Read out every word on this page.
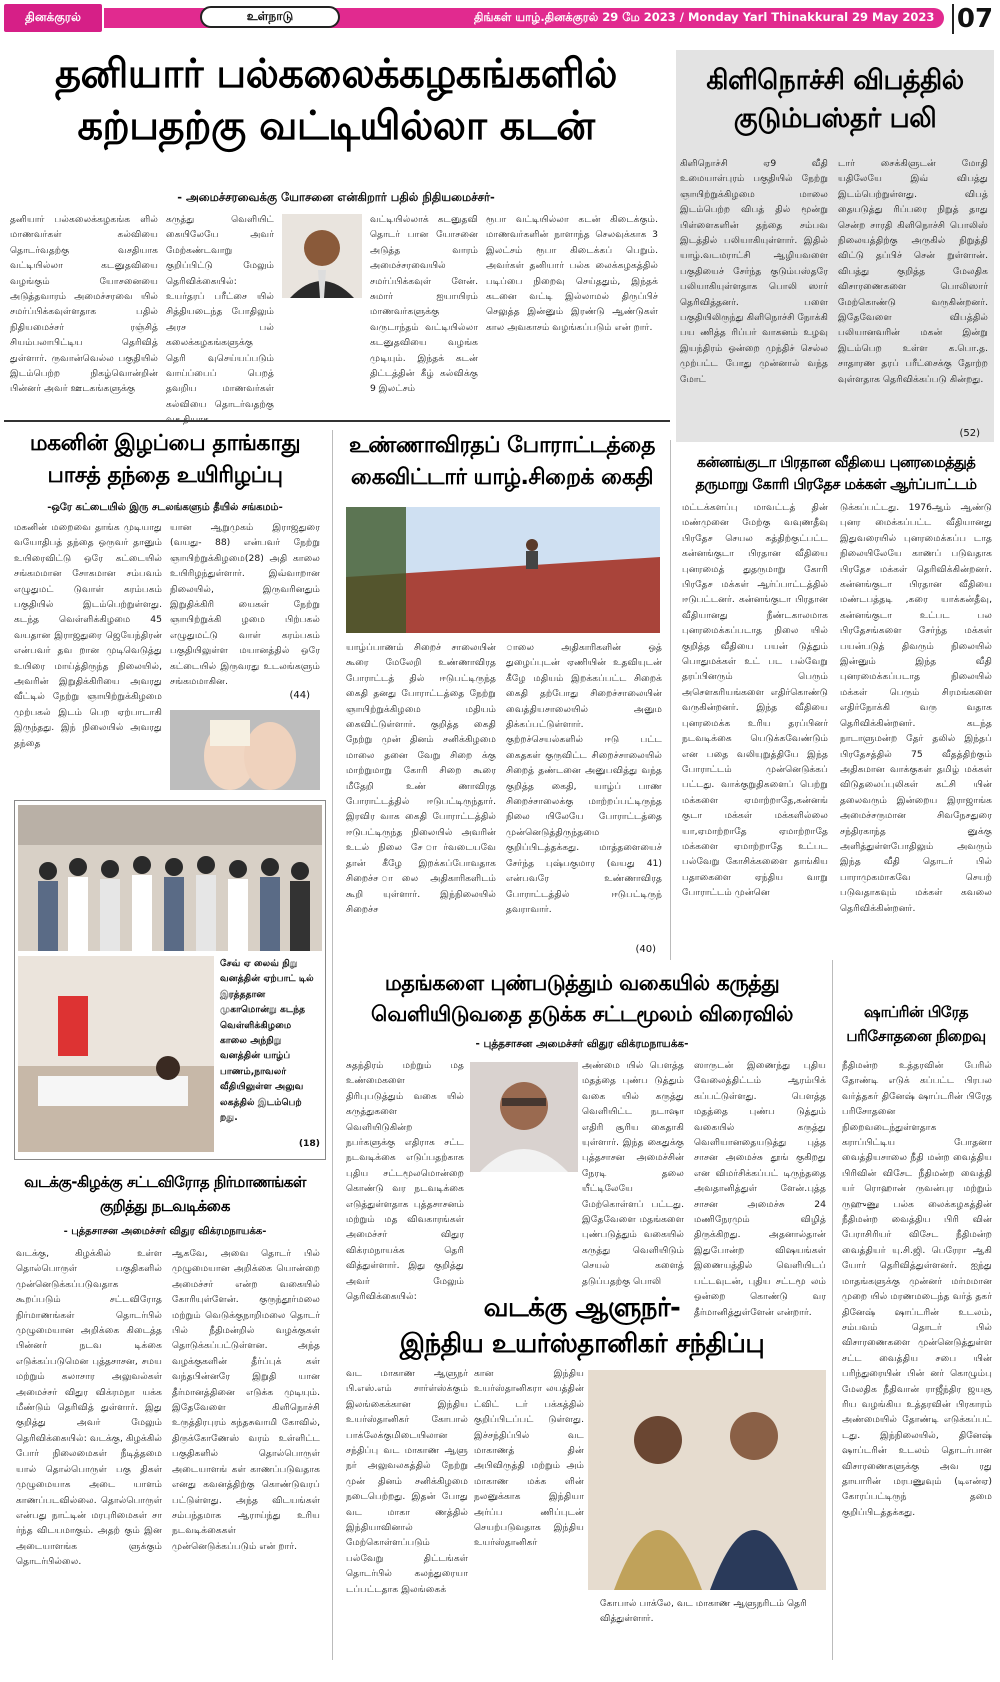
தினக்குரல்	உள்நாடு	திங்கள் யாழ்.தினக்குரல் 29 மே 2023 / Monday Yarl Thinakkural 29 May 2023 07
தனியார் பல்கலைக்கழகங்களில்
கற்பதற்கு வட்டியில்லா கடன்
- அமைச்சரவைக்கு யோசனை என்கிறார் பதில் நிதியமைச்சர்-
தனியார் பல்கலைக்கழகங்க ளில் மாணவர்கள் கல்வியை தொடர்வதற்கு வசதியாக வட்டியில்லா கடனுதவியை வழங்கும் யோசனையை அடுத்தவாரம் அமைச்சரவை யில் சமர்ப்பிக்கவுள்ளதாக பதில் நிதியமைச்சர் ரஞ்சித் சியம்பலாபிட்டிய தெரிவித் துள்ளார். ருவான்வெல்ல பகுதியில் இடம்பெற்ற நிகழ்வொன்றின் பின்னர் அவர் ஊடகங்களுக்கு
கருத்து வெளியிட் கையிலேயே அவர் மேற்கண்டவாறு குறிப்பிட்டு மேலும் தெரிவிக்கையில்: உயர்தரப் பரீட்சை யில் சித்தியடைந்த போதிலும் அரச பல் கலைக்கழகங்களுக்கு தெரி வுசெய்யப்படும் வாய்ப்பைப் பெறத் தவறிய மாணவர்கள் கல்வியை தொடர்வதற்கு
வட்டியில்லாக் கடனுதவி தொடர் பான யோசனை அடுத்த வாரம் அமைச்சரவையில் சமர்ப்பிக்கவுள் ளேன். சுமார் ஐயாயிரம் மாணவர்களுக்கு வருடாந்தம் வட்டியில்லா கடனுதவியை வழங்க முடியும். இந்தக் கடன் திட்டத்தின் கீழ் கல்விக்கு 9 இலட்சம்
ரூபா வட்டியில்லா கடன் கிடைக்கும். மாணவர்களின் நாளாந்த செலவுக்காக 3 இலட்சம் ரூபா கிடைக்கப் பெறும். அவர்கள் தனியார் பல்க லைக்கழகத்தில் படிப்பை நிறைவு செய்ததும், இந்தக் கடனை வட்டி இல்லாமல் திருப்பிச் செலுத்த இன்னும் இரண்டு ஆண்டுகள் கால அவகாசம் வழங்கப்படும் என் றார்.
கிளிநொச்சி விபத்தில்
குடும்பஸ்தர் பலி
கிளிநொச்சி ஏ9 வீதி உமையாள்புரம் பகுதியில் நேற்று ஞாயிற்றுக்கிழமை மாலை இடம்பெற்ற விபத் தில் மூன்று பிள்ளைகளின் தந்தை சம்பவ இடத்தில் பலியாகியுள்ளார். இதில் யாழ்.வடமராட்சி ஆழியவளை பகுதியைச் சேர்ந்த குடும்பஸ்தரே பலியாகியுள்ளதாக பொலி ஸார் தெரிவித்தனர். பளை பகுதியிலிருந்து கிளிநொச்சி நோக்கி பய ணித்த ரிப்பர் வாகனம் உழவு இயந்திரம் ஒன்றை முந்திச் செல்ல முற்பட்ட போது முன்னால் வந்த மோட்
டார் சைக்கிளுடன் மோதி யதிலேயே இவ் விபத்து இடம்பெற்றுள்ளது. விபத் தையடுத்து ரிப்பரை நிறுத் தாது சென்ற சாரதி கிளிநொச்சி பொலிஸ் நிலையத்திற்கு அருகில் நிறுத்தி விட்டு தப்பிச் சென் றுள்ளான். விபத்து குறித்த மேலதிக விசாரணைகளை பொலிஸார் மேற்கொண்டு வருகின்றனர். இதேவேளை விபத்தில் பலியானவரின் மகன் இன்று இடம்பெற உள்ள க.பொ.த. சாதாரண தரப் பரீட்சைக்கு தோற்ற வுள்ளதாக தெரிவிக்கப்படு கின்றது.
(52)
மகனின் இழப்பை தாங்காது
பாசத் தந்தை உயிரிழப்பு
-ஒரே கட்டையில் இரு சடலங்களும் தீயில் சங்கமம்-
மகனின் மறைவை தாங்க முடியாது வயோதிபத் தந்தை ஒருவர் தானும் உயிரைவிட்டு ஒரே கட்டையில் சங்கமமான சோகமான சம்பவம் எழுதுமட் டுவாள் கரம்பகம் பகுதியில் இடம்பெற்றுள்ளது. கடந்த வெள்ளிக்கிழமை 45 வயதான இராஜதுரை ஜெயேந்திரன் என்பவர் தவ றான முடிவெடுத்து உயிரை மாய்த்திருந்த நிலையில், அவரின் இறுதிக்கிரியை அவரது வீட்டில் நேற்று ஞாயிற்றுக்கிழமை முற்பகல் இடம் பெற ஏற்பாடாகி இருந்தது. இந் நிலையில் அவரது தந்தை
யான ஆறுமுகம் இராஜதுரை (வயது- 88) என்பவர் நேற்று ஞாயிற்றுக்கிழமை(28) அதி காலை உயிரிழந்துள்ளார். இவ்வாறான நிலையில், இருவரினதும் இறுதிக்கிரி யைகள் நேற்று ஞாயிற்றுக்கி ழமை பிற்பகல் எழுதுமட்டு வாள் கரம்பகம் பகுதியிலுள்ள மயானத்தில் ஒரே கட்டையில் இருவரது உடலங்களும் சங்கமமாகின.
(44)
உண்ணாவிரதப் போராட்டத்தை
கைவிட்டார் யாழ்.சிறைக் கைதி
யாழ்ப்பாணம் சிறைச் சாலையின் கூரை மேலேறி உண்ணாவிரத போராட்டத் தில் ஈடுபட்டிருந்த கைதி தனது போராட்டத்தை நேற்று ஞாயிற்றுக்கிழமை மதியம் கைவிட்டுள்ளார். குறித்த கைதி நேற்று முன் தினம் சனிக்கிழமை மாலை தனை வேறு சிறை க்கு மாற்றுமாறு கோரி சிறை கூரை மீதேறி உண் ணாவிரத போராட்டத்தில் ஈடுபட்டிருந்தார். இரவிர வாக கைதி போராட்டத்தில் ஈடுபட்டிருந்த நிலையில் அவரின் உடல் நிலை சே ார்வடையவே தான் கீழே இறக்கப்போவதாக சிறைச்ச ாலை அதிகாரிகளிடம் கூறி யுள்ளார். இந்நிலையில் சிறைச்ச
ாலை அதிகாரிகளின் ஒத் துழைப்புடன் ஏணியின் உதவியுடன் கீழே மதியம் இறக்கப்பட்ட சிறைக் கைதி தற்போது சிறைச்சாலையின் வைத்தியசாலையில் அனும திக்கப்பட்டுள்ளார். குற்றச்செயல்களில் ஈடு பட்ட கைதகள் குருவிட்ட சிறைச்சாலையில் சிறைத் தண்டனை அனுபவித்து வந்த குறித்த கைதி, யாழ்ப் பாண சிறைச்சாலைக்கு மாற்றப்பட்டிருந்த நிலை யிலேயே போராட்டத்தை முன்னெடுத்திருந்தமை குறிப்பிடத்தக்கது. மாத்தளையைச் சேர்ந்த புஷ்பகுமார (வயது 41) என்பவரே உண்ணாவிரத போராட்டத்தில் ஈடுபட்டிருந் தவராவார்.
(40)
கன்னங்குடா பிரதான வீதியை புனரமைத்துத்
தருமாறு கோரி பிரதேச மக்கள் ஆர்ப்பாட்டம்
மட்டக்களப்பு மாவட்டத் தின் மண்முனை மேற்கு வவுணதீவு பிரதேச செயல கத்திற்குட்பட்ட கன்னங்குடா பிரதான வீதியை புனரமைத் துதருமாறு கோரி பிரதேச மக்கள் ஆர்ப்பாட்டத்தில் ஈடுபட்டனர். கன்னங்குடா பிரதான வீதியானது நீண்டகாலமாக புனரமைக்கப்படாத நிலை யில் குறித்த வீதியை பயன் டுத்தும் பொதுமக்கள் உட் பட பல்வேறு தரப்பினரும் பெரும் அசௌகரியங்களை எதிர்கொண்டு வருகின்றனர். இந்த வீதியை புனரமைக்க உரிய தரப்பினர் நடவடிக்கை யெடுக்கவேண்டும் என பதை வலியுறுத்தியே இந்த போராட்டம் முன்னெடுக்கப் பட்டது. வாக்குறுதிகளைப் பெற்று மக்களை ஏமாற்றாதே,கன்னங் குடா மக்கள் மக்களில்லை யா,ஏமாற்றாதே ஏமாற்றாதே மக்களை ஏமாற்றாதே உட்பட பல்வேறு கோசிக்களைை தாங்கிய பதாகைளை ஏந்திய வாறு போராட்டம் முன்னெ
டுக்கப்பட்டது. 1976ஆம் ஆண்டு புனர மைக்கப்பட்ட வீதியானது இதுவரையில் புனரமைக்கப்ப டாத நிலையிலேயே காணப் படுவதாக பிரதேச மக்கள் தெரிவிக்கின்றனர். கன்னங்குடா பிரதான வீதியை மண்டபத்தடி ,கரை யாக்கன்தீவு, கன்னங்குடா உட்பட பல பிரதேசங்களை சேர்ந்த மக்கள் பயன்படுத் திவரும் நிலையில் இன்னும் இந்த வீதி புனரமைக்கப்படாத நிலையில் மக்கள் பெரும் சிரமங்களை எதிர்நோக்கி வரு வதாக தெரிவிக்கின்றனர். கடந்த நாடாளுமன்ற தேர் தலில் இந்தப் பிரதேசத்தில் 75 வீதத்திற்கும் அதிகமான வாக்குகள் தமிழ் மக்கள் விடுதலைப்புலிகள் கட்சி யின் தலைவரும் இன்றைய இராஜாங்க அமைச்சருமான சிவநேசதுரை சந்திரகாந்த னுக்கு அளித்துள்ளபோதிலும் அவரும் இந்த வீதி தொடர் பில் பாராமுகமாகவே செயற் படுவதாகவும் மக்கள் கவலை தெரிவிக்கின்றனர்.
சேவ் ஏ லைவ் நிறு வனத்தின் ஏற்பாட் டில் இரத்ததான முகாமொன்று கடந்த வெள்ளிக்கிழமை காலை அந்நிறு வனத்தின் யாழ்ப் பாணம்,நாவலர் வீதியிலுள்ள அலுவ லகத்தில் இடம்பெற் றது.
(18)
மதங்களை புண்படுத்தும் வகையில் கருத்து
வெளியிடுவதை தடுக்க சட்டமூலம் விரைவில்
- புத்தசாசன அமைச்சர் விதுர விக்ரமநாயக்க-
சுதந்திரம் மற்றும் மத உண்மைகளை திரிபுபடுத்தும் வகை யில் கருத்துகளை வெளியிடுகின்ற நபர்களுக்கு எதிராக சட்ட நடவடிக்கை எடுப்பதற்காக புதிய சட்டமூலமொன்றை கொண்டு வர நடவடிக்கை எடுத்துள்ளதாக புத்தசாசனம் மற்றும் மத விவகாரங்கள் அமைச்சர் விதுர விக்ரமநாயக்க தெரி வித்துள்ளார். இது குறித்து அவர் மேலும் தெரிவிக்கையில்:
அண்மை யில் பௌத்த மதத்தை புண்ப டுத்தும் வகை யில் கருத்து வெளியிட்ட நடாஷா எதிரி சூரிய கைதாகி யுள்ளார். இந்த கைதுக்கு புத்தசாசன அமைச்சின் நேரடி தலை யீட்டிலேயே மேற்கொள்ளப் பட்டது. இதேவேளை மதங்களை புண்படுத்தும் வகையில் கருத்து வெளியிடும் செயல் களைத் தடுப்பதற்கு பொலி
ஸாருடன் இணைந்து புதிய வேலைத்திட்டம் ஆரம்பிக் கப்பட்டுள்ளது. பௌத்த மதத்தை புண்ப டுத்தும் வகையில் கருத்து வெளியானதையடுத்து புத்த சாசன அமைச்சு தூங் குகிறது என விமர்சிக்கப்பட் டிருந்ததை அவதானித்துள் ளேன்.புத்த சாசன அமைச்சு 24 மணிநேரமும் விழித் திருக்கிறது. அதனால்தான் இதுபோன்ற விஷயங்கள் இணையத்தில் வெளியிடப் பட்டவுடன், புதிய சட்டமூ லம் ஒன்றை கொண்டு வர தீர்மானித்துள்ளேன் என்றார்.
வடக்கு-கிழக்கு சட்டவிரோத நிர்மாணங்கள்
குறித்து நடவடிக்கை
- புத்தசாசன அமைச்சர் விதுர விக்ரமநாயக்க-
வடக்கு, கிழக்கில் உள்ள தொல்பொருள் பகுதிகளில் முன்னெடுக்கப்படுவதாக கூறப்படும் சட்டவிரோத நிர்மாணங்கள் தொடர்பில் முழுமையான அறிக்கை கிடைத்த பின்னர் நடவ டிக்கை எடுக்கப்படுமென புத்தசாசன, சமய மற்றும் கலாசார அலுவல்கள் அமைச்சர் விதுர விக்ரமநா யக்க மீண்டும் தெரிவித் துள்ளார். இது குறித்து அவர் மேலும் தெரிவிக்கையில்: வடக்கு, கிழக்கில் போர் நிலைமைகள் நீடித்தமை யால் தொல்பொருள் பகு திகள் முழுமையாக அடை யாளம் காணப்படவில்லை. தொல்பொருள் என்பது நாட்டின் மரபுரிமைகள் சா ர்ந்த விடயமாகும். அதற் கும் இன அடையாளங்க ளுக்கும் தொடர்பில்லை.
ஆகவே, அவை தொடர் பில் முழுமையான அறிக்கை யொன்றை அமைச்சர் என்ற வகையில் கோரியுள்ளேன். குருந்தூர்மலை மற்றும் வெடுக்குநாறிமலை தொடர் பில் நீதிமன்றில் வழக்குகள் தொடுக்கப்பட்டுள்ளன. அந்த வழக்குகளின் தீர்ப்புக் கள் வந்தபின்னரே இறுதி யான தீர்மானத்தினை எடுக்க முடியும். இதேவேளை கிளிநொச்சி உருத்திரபுரம் கந்தசுவாமி கோவில், திருக்கோணேஸ் வரம் உள்ளிட்ட பகுதிகளில் தொல்பொருள் அடையாளங் கள் காணப்படுவதாக எனது கவனத்திற்கு கொண்டுவரப் பட்டுள்ளது. அந்த விடயங்கள் சம்பந்தமாக ஆராய்ந்து உரிய நடவடிக்கைகள் முன்னெடுக்கப்படும் என் றார்.
வடக்கு ஆளுநர்-
இந்திய உயர்ஸ்தானிகர் சந்திப்பு
வட மாகாண ஆளுநர் பி.எஸ்.எம் சார்ள்ஸ்க்கும் இலங்கைக்கான இந்திய உயர்ஸ்தானிகர் கோபால் பாக்லேக்குமிடையிலான சந்திப்பு வட மாகாண ஆளு நர் அலுவலகத்தில் நேற்று முன் தினம் சனிக்கிழமை நடைபெற்றது. இதன் போது வட மாகா ணத்தில் இந்தியாவினால் மேற்கொள்ளப்படும் பல்வேறு திட்டங்கள் தொடர்பில் கலந்துரையா டப்பட்டதாக இலங்கைக்
கான இந்திய உயர்ஸ்தானிகரா லயத்தின் ட்விட் டர் பக்கத்தில் குறிப்பிடப்பட் டுள்ளது. இச்சந்திப்பில் வட மாகாணத் தின் அபிவிருத்தி மற்றும் அம் மாகாண மக்க ளின் நலனுக்காக இந்தியா அர்ப்ப ணிப்புடன் செயற்படுவதாக இந்திய உயர்ஸ்தானிகர்
கோபால் பாக்லே, வட மாகாண ஆளுநரிடம் தெரி வித்துள்ளார்.
ஷாப்ரின் பிரேத
பரிசோதனை நிறைவு
நீதிமன்ற உத்தரவின் பேரில் தோண்டி எடுக் கப்பட்ட பிரபல வர்த்தகர் தினேஷ் ஷாப்டரின் பிரேத பரிசோதனை நிறைவடைந்துள்ளதாக கராப்பிட்டிய போதனா வைத்தியசாலை நீதி மன்ற வைத்திய பிரிவின் விசேட நீதிமன்ற வைத்தி யர் ரொஹான் ருவன்புர மற்றும் ருஹுணு பல்க லைக்கழகத்தின் நீதிமன்ற வைத்திய பிரி வின் பேராசிரியர் விசேட நீதிமன்ற வைத்தியர் யு.சி.ஜி. பெரேரா ஆகி யோர் தெரிவித்துள்ளனர். ஐந்து மாதங்களுக்கு முன்னர் மர்மமான முறை யில் மரணமடைந்த வர்த் தகர் தினேஷ் ஷாப்டரின் உடலம், சம்பவம் தொடர் பில் விசாரணைகளை முன்னெடுத்துள்ள சட்ட வைத்திய சபை யின் பரிந்துரையின் பின் னர் கொழும்பு மேலதிக நீதிவான் ராஜீந்திர ஜயசூ ரிய வழங்கிய உத்தரவின் பிரகாரம் அண்மையில் தோண்டி எடுக்கப்பட் டது. இந்நிலையில், தினேஷ் ஷாப்டரின் உடலம் தொடர்பான விசாரணைகளுக்கு அவ ரது தாயாரின் மரபணுவும் (டிஎன்ஏ) கோரப்பட்டிருந் தமை குறிப்பிடத்தக்கது.
